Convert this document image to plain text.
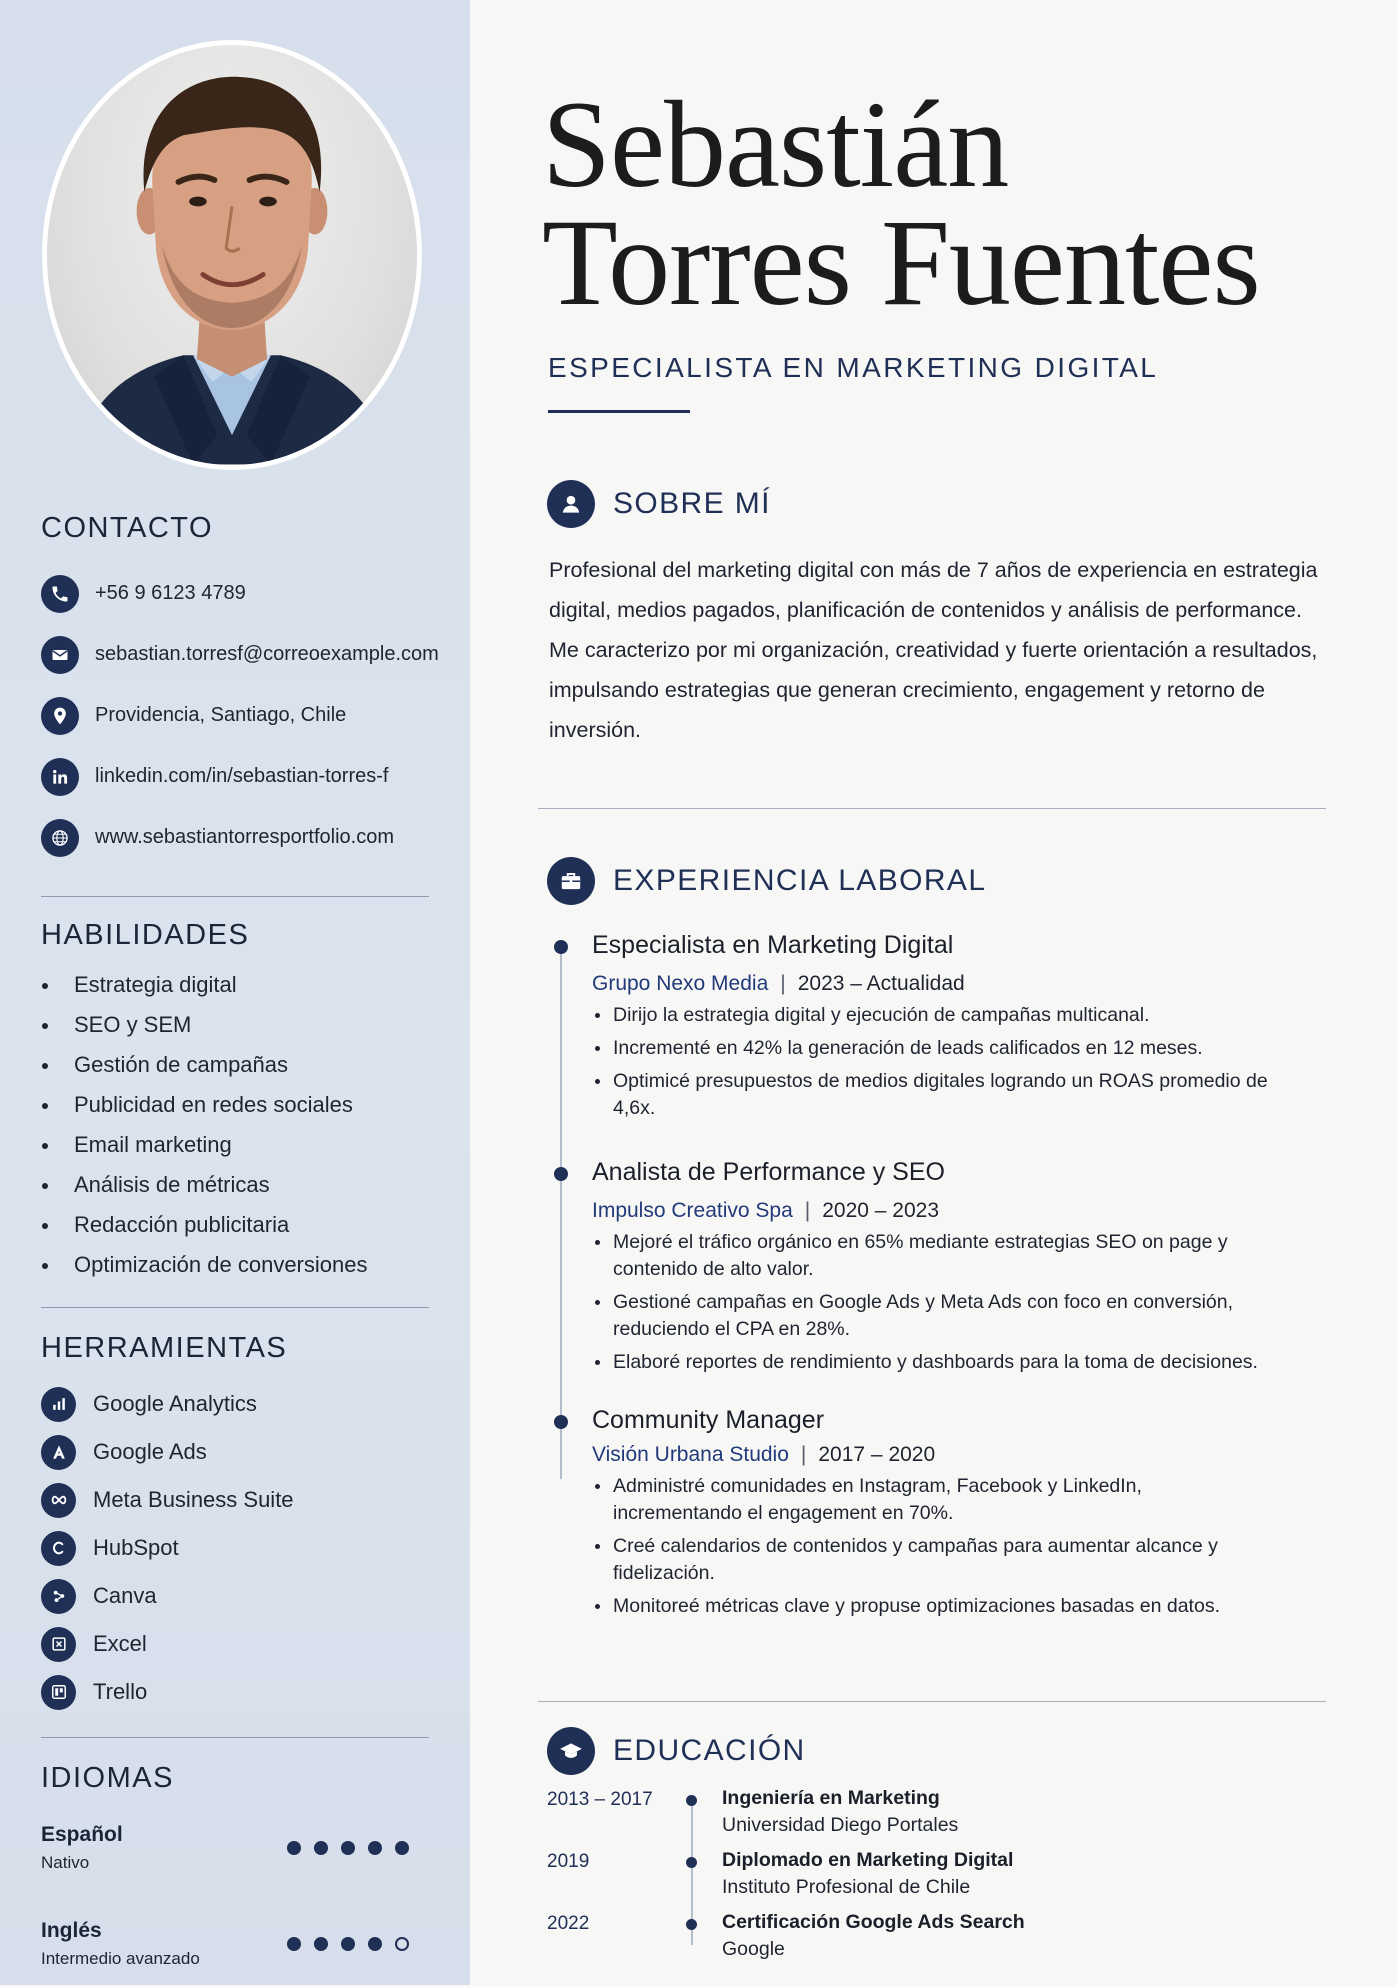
CONTACTO
+56 9 6123 4789
sebastian.torresf@correoexample.com
Providencia, Santiago, Chile
linkedin.com/in/sebastian-torres-f
www.sebastiantorresportfolio.com
HABILIDADES
Estrategia digital
SEO y SEM
Gestión de campañas
Publicidad en redes sociales
Email marketing
Análisis de métricas
Redacción publicitaria
Optimización de conversiones
HERRAMIENTAS
Google Analytics
Google Ads
Meta Business Suite
HubSpot
Canva
Excel
Trello
IDIOMAS
Español
Nativo
Inglés
Intermedio avanzado
Sebastián
Torres Fuentes
ESPECIALISTA EN MARKETING DIGITAL
SOBRE MÍ

Profesional del marketing digital con más de 7 años de experiencia en estrategia digital, medios pagados, planificación de contenidos y análisis de performance. Me caracterizo por mi organización, creatividad y fuerte orientación a resultados, impulsando estrategias que generan crecimiento, engagement y retorno de inversión.

EXPERIENCIA LABORAL
Especialista en Marketing Digital
Grupo Nexo Media | 2023 – Actualidad
Dirijo la estrategia digital y ejecución de campañas multicanal.
Incrementé en 42% la generación de leads calificados en 12 meses.
Optimicé presupuestos de medios digitales logrando un ROAS promedio de 4,6x.
Analista de Performance y SEO
Impulso Creativo Spa | 2020 – 2023
Mejoré el tráfico orgánico en 65% mediante estrategias SEO on page y contenido de alto valor.
Gestioné campañas en Google Ads y Meta Ads con foco en conversión, reduciendo el CPA en 28%.
Elaboré reportes de rendimiento y dashboards para la toma de decisiones.
Community Manager
Visión Urbana Studio | 2017 – 2020
Administré comunidades en Instagram, Facebook y LinkedIn, incrementando el engagement en 70%.
Creé calendarios de contenidos y campañas para aumentar alcance y fidelización.
Monitoreé métricas clave y propuse optimizaciones basadas en datos.
EDUCACIÓN
2013 – 2017	Ingeniería en Marketing
Universidad Diego Portales
2019	Diplomado en Marketing Digital
Instituto Profesional de Chile
2022	Certificación Google Ads Search
Google
